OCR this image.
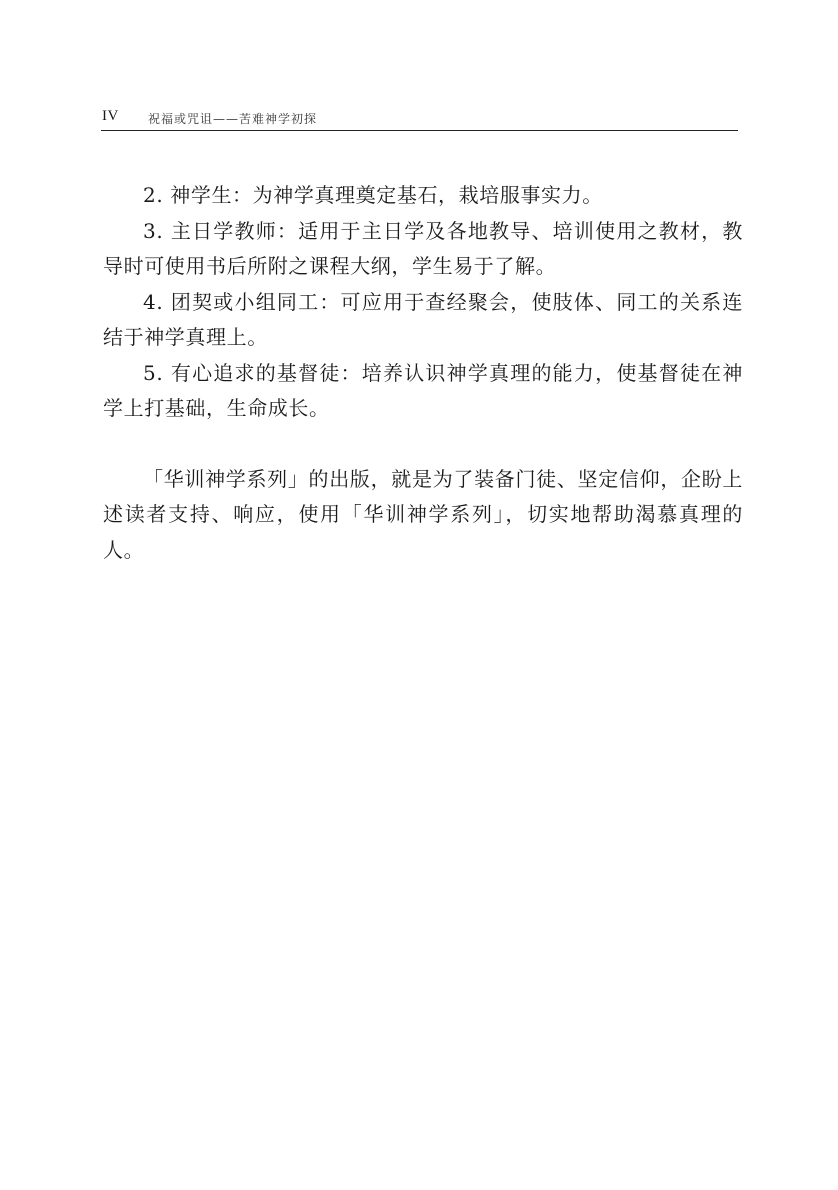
IV 祝福或咒诅——苦难神学初探

2. 神学生：为神学真理奠定基石，栽培服事实力。

3. 主日学教师：适用于主日学及各地教导、培训使用之教材，教导时可使用书后所附之课程大纲，学生易于了解。

4. 团契或小组同工：可应用于查经聚会，使肢体、同工的关系连结于神学真理上。

5. 有心追求的基督徒：培养认识神学真理的能力，使基督徒在神学上打基础，生命成长。

「华训神学系列」的出版，就是为了装备门徒、坚定信仰，企盼上述读者支持、响应，使用「华训神学系列」，切实地帮助渴慕真理的人。
